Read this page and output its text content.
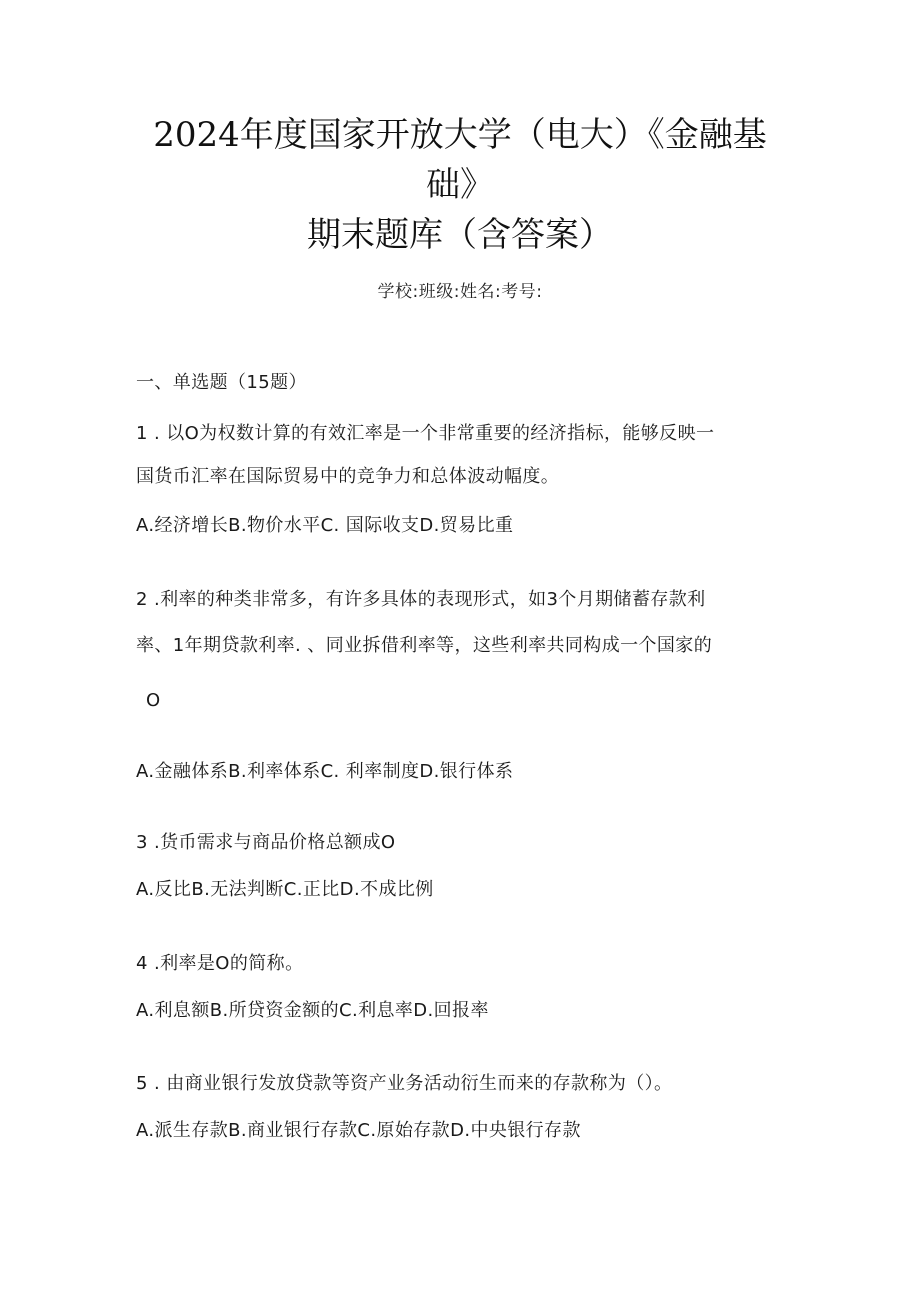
2024年度国家开放大学（电大）《金融基
础》
期末题库（含答案）
学校:班级:姓名:考号:
一、单选题（15题）
1 . 以O为权数计算的有效汇率是一个非常重要的经济指标，能够反映一
国货币汇率在国际贸易中的竞争力和总体波动幅度。
A.经济增长B.物价水平C. 国际收支D.贸易比重
2 .利率的种类非常多，有许多具体的表现形式，如3个月期储蓄存款利
率、1年期贷款利率. 、同业拆借利率等，这些利率共同构成一个国家的
O
A.金融体系B.利率体系C. 利率制度D.银行体系
3 .货币需求与商品价格总额成O
A.反比B.无法判断C.正比D.不成比例
4 .利率是O的简称。
A.利息额B.所贷资金额的C.利息率D.回报率
5 . 由商业银行发放贷款等资产业务活动衍生而来的存款称为（）。
A.派生存款B.商业银行存款C.原始存款D.中央银行存款
